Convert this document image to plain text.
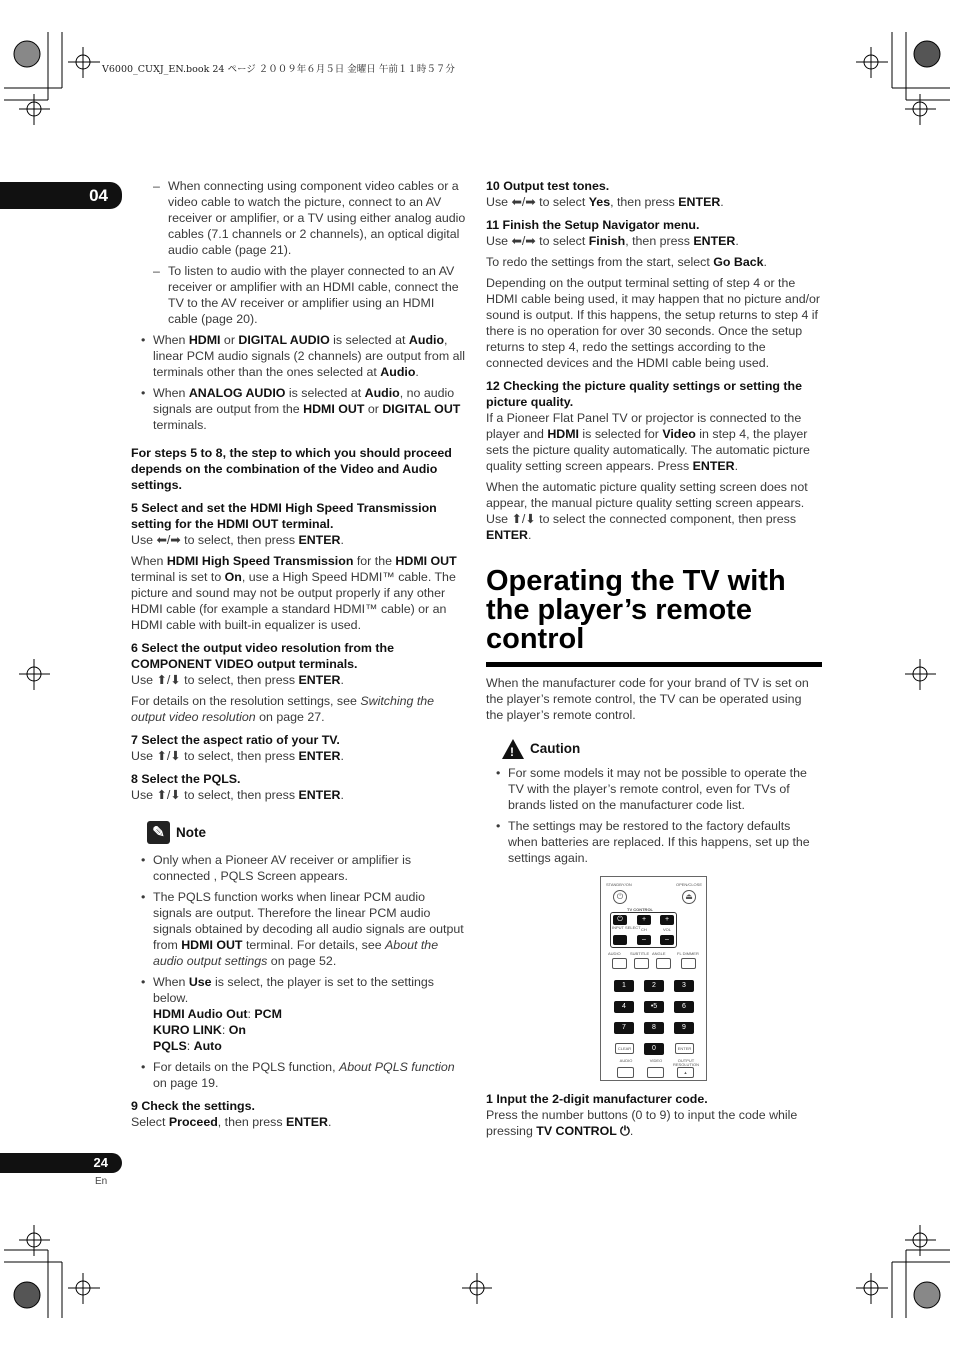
V6000_CUXJ_EN.book 24 ページ ２００９年６月５日 金曜日 午前１１時５７分
04
24
En
– When connecting using component video cables or a video cable to watch the picture, connect to an AV receiver or amplifier, or a TV using either analog audio cables (7.1 channels or 2 channels), an optical digital audio cable (page 21).
– To listen to audio with the player connected to an AV receiver or amplifier with an HDMI cable, connect the TV to the AV receiver or amplifier using an HDMI cable (page 20).
• When HDMI or DIGITAL AUDIO is selected at Audio, linear PCM audio signals (2 channels) are output from all terminals other than the ones selected at Audio.
• When ANALOG AUDIO is selected at Audio, no audio signals are output from the HDMI OUT or DIGITAL OUT terminals.
For steps 5 to 8, the step to which you should proceed depends on the combination of the Video and Audio settings.
5 Select and set the HDMI High Speed Transmission setting for the HDMI OUT terminal.
Use ⬅/➡ to select, then press ENTER.
When HDMI High Speed Transmission for the HDMI OUT terminal is set to On, use a High Speed HDMI™ cable. The picture and sound may not be output properly if any other HDMI cable (for example a standard HDMI™ cable) or an HDMI cable with built-in equalizer is used.
6 Select the output video resolution from the COMPONENT VIDEO output terminals.
Use ⬆/⬇ to select, then press ENTER.
For details on the resolution settings, see Switching the output video resolution on page 27.
7 Select the aspect ratio of your TV.
Use ⬆/⬇ to select, then press ENTER.
8 Select the PQLS.
Use ⬆/⬇ to select, then press ENTER.
✎ Note
• Only when a Pioneer AV receiver or amplifier is connected , PQLS Screen appears.
• The PQLS function works when linear PCM audio signals are output. Therefore the linear PCM audio signals obtained by decoding all audio signals are output from HDMI OUT terminal. For details, see About the audio output settings on page 52.
• When Use is select, the player is set to the settings below.
HDMI Audio Out: PCM
KURO LINK: On
PQLS: Auto
• For details on the PQLS function, About PQLS function on page 19.
9 Check the settings.
Select Proceed, then press ENTER.
10 Output test tones.
Use ⬅/➡ to select Yes, then press ENTER.
11 Finish the Setup Navigator menu.
Use ⬅/➡ to select Finish, then press ENTER.
To redo the settings from the start, select Go Back.
Depending on the output terminal setting of step 4 or the HDMI cable being used, it may happen that no picture and/or sound is output. If this happens, the setup returns to step 4 if there is no operation for over 30 seconds. Once the setup returns to step 4, redo the settings according to the connected devices and the HDMI cable being used.
12 Checking the picture quality settings or setting the picture quality.
If a Pioneer Flat Panel TV or projector is connected to the player and HDMI is selected for Video in step 4, the player sets the picture quality automatically. The automatic picture quality setting screen appears. Press ENTER.
When the automatic picture quality setting screen does not appear, the manual picture quality setting screen appears. Use ⬆/⬇ to select the connected component, then press ENTER.
Operating the TV with the player’s remote control
When the manufacturer code for your brand of TV is set on the player’s remote control, the TV can be operated using the player’s remote control.
! Caution
• For some models it may not be possible to operate the TV with the player’s remote control, even for TVs of brands listed on the manufacturer code list.
• The settings may be restored to the factory defaults when batteries are replaced. If this happens, set up the settings again.
STANDBY/ON	OPEN/CLOSE
⏻	⏏
TV CONTROL
⏻
INPUT SELECT
+
CH
–
+
VOL
–
AUDIO SUBTITLE ANGLE	FL DIMMER
1	2	3
4	•5	6
7	8	9
CLEAR	0	ENTER
AUDIO	VIDEO	OUTPUT RESOLUTION
▲
1 Input the 2-digit manufacturer code.
Press the number buttons (0 to 9) to input the code while pressing TV CONTROL ⏻.
